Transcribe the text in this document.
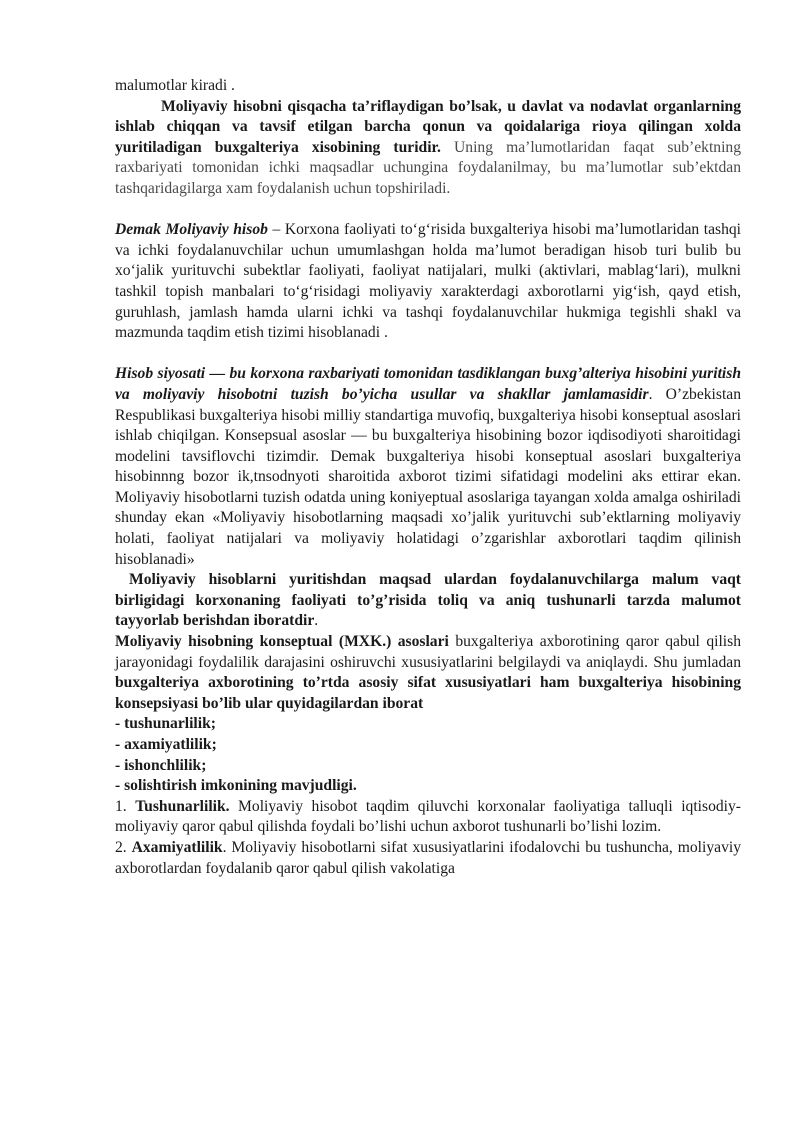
malumotlar kiradi .

Moliyaviy hisobni qisqacha ta’riflaydigan bo’lsak, u davlat va nodavlat organlarning ishlab chiqqan va tavsif etilgan barcha qonun va qoidalariga rioya qilingan xolda yuritiladigan buxgalteriya xisobining turidir. Uning ma’lumotlaridan faqat sub’ektning raxbariyati tomonidan ichki maqsadlar uchungina foydalanilmay, bu ma’lumotlar sub’ektdan tashqaridagilarga xam foydalanish uchun topshiriladi.

Demak Moliyaviy hisob – Korxona faoliyati to‘g‘risida buxgalteriya hisobi ma’lumotlaridan tashqi va ichki foydalanuvchilar uchun umumlashgan holda ma’lumot beradigan hisob turi bulib bu xo‘jalik yurituvchi subektlar faoliyati, faoliyat natijalari, mulki (aktivlari, mablag‘lari), mulkni tashkil topish manbalari to‘g‘risidagi moliyaviy xarakterdagi axborotlarni yig‘ish, qayd etish, guruhlash, jamlash hamda ularni ichki va tashqi foydalanuvchilar hukmiga tegishli shakl va mazmunda taqdim etish tizimi hisoblanadi .

Hisob siyosati — bu korxona raxbariyati tomonidan tasdiklangan buxg’alteriya hisobini yuritish va moliyaviy hisobotni tuzish bo’yicha usullar va shakllar jamlamasidir. O’zbekistan Respublikasi buxgalteriya hisobi milliy standartiga muvofiq, buxgalteriya hisobi konseptual asoslari ishlab chiqilgan. Konsepsual asoslar — bu buxgalteriya hisobining bozor iqdisodiyoti sharoitidagi modelini tavsiflovchi tizimdir. Demak buxgalteriya hisobi konseptual asoslari buxgalteriya hisobinnng bozor ik,tnsodnyoti sharoitida axborot tizimi sifatidagi modelini aks ettirar ekan. Moliyaviy hisobotlarni tuzish odatda uning koniyeptual asoslariga tayangan xolda amalga oshiriladi shunday ekan «Moliyaviy hisobotlarning maqsadi xo’jalik yurituvchi sub’ektlarning moliyaviy holati, faoliyat natijalari va moliyaviy holatidagi o’zgarishlar axborotlari taqdim qilinish hisoblanadi»

Moliyaviy hisoblarni yuritishdan maqsad ulardan foydalanuvchilarga malum vaqt birligidagi korxonaning faoliyati to’g’risida toliq va aniq tushunarli tarzda malumot tayyorlab berishdan iboratdir.

Moliyaviy hisobning konseptual (MXK.) asoslari buxgalteriya axborotining qaror qabul qilish jarayonidagi foydalilik darajasini oshiruvchi xususiyatlarini belgilaydi va aniqlaydi. Shu jumladan buxgalteriya axborotining to’rtda asosiy sifat xususiyatlari ham buxgalteriya hisobining konsepsiyasi bo’lib ular quyidagilardan iborat

- tushunarlilik;

- axamiyatlilik;

- ishonchlilik;

- solishtirish imkonining mavjudligi.

1. Tushunarlilik. Moliyaviy hisobot taqdim qiluvchi korxonalar faoliyatiga talluqli iqtisodiy-moliyaviy qaror qabul qilishda foydali bo’lishi uchun axborot tushunarli bo’lishi lozim.

2. Axamiyatlilik. Moliyaviy hisobotlarni sifat xususiyatlarini ifodalovchi bu tushuncha, moliyaviy axborotlardan foydalanib qaror qabul qilish vakolatiga
